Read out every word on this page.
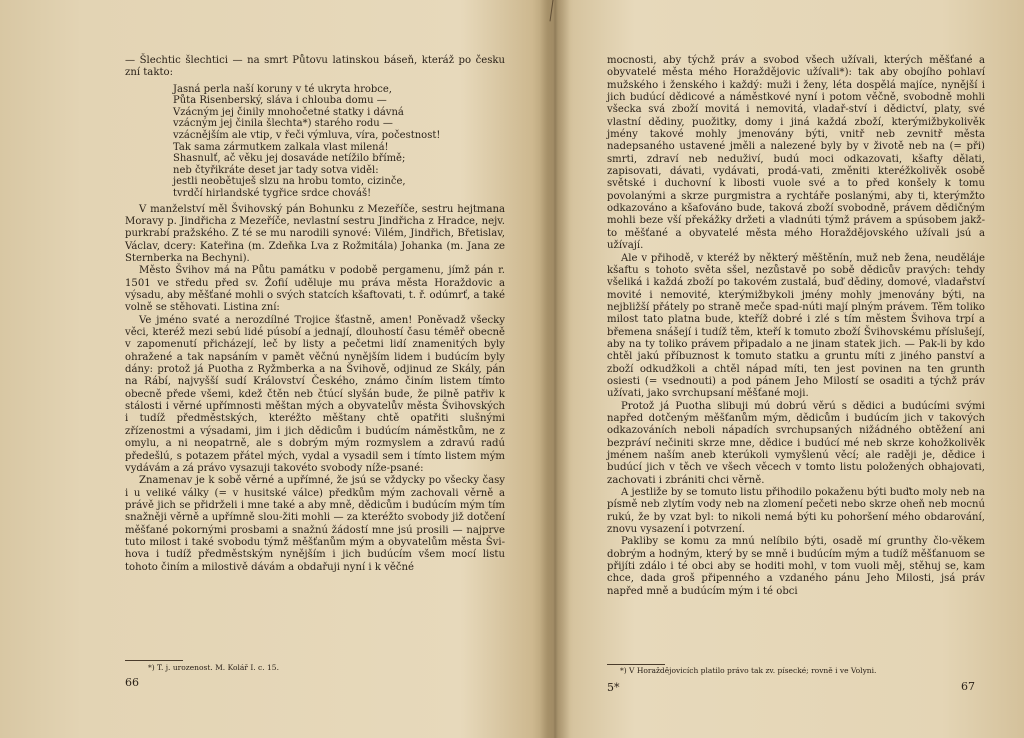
— Šlechtic šlechtici — na smrt Půtovu latinskou báseň, kteráž po česku zní takto:

Jasná perla naší koruny v té ukryta hrobce,
Půta Risenberský, sláva i chlouba domu —
Vzácným jej činily mnohočetné statky i dávná
vzácným jej činila šlechta*) starého rodu —
vzácnějším ale vtip, v řeči výmluva, víra, počestnost!
Tak sama zármutkem zalkala vlast milená!
Shasnulť, ač věku jej dosaváde netížilo břímě;
neb čtyřikráte deset jar tady sotva viděl:
jestli neobětuješ slzu na hrobu tomto, cizinče,
tvrdčí hirlandské tygřice srdce chováš!

V manželství měl Švihovský pán Bohunku z Mezeříče, sestru hejtmana Moravy p. Jindřicha z Mezeříče, nevlastní sestru Jindřicha z Hradce, nejv. purkrabí pražského. Z té se mu narodili synové: Vilém, Jindřich, Břetislav, Václav, dcery: Kateřina (m. Zdeňka Lva z Rožmitála) Johanka (m. Jana ze Sternberka na Bechyni).

Město Švihov má na Půtu památku v podobě pergamenu, jímž pán r. 1501 ve středu před sv. Žofií uděluje mu práva města Horaždovic a výsadu, aby měšťané mohli o svých statcích kšaftovati, t. ř. odúmrť, a také volně se stěhovati. Listina zní:

Ve jméno svaté a nerozdílné Trojice šťastně, amen! Poněvadž všecky věci, kteréž mezi sebú lidé púsobí a jednají, dlouhostí času téměř obecně v zapomenutí přicházejí, leč by listy a pečetmi lidí znamenitých byly ohražené a tak napsáním v pamět věčnú nynějším lidem i budúcím byly dány: protož já Puotha z Ryžmberka a na Švihově, odjinud ze Skály, pán na Rábí, najvyšší sudí Království Českého, známo činím listem tímto obecně přede všemi, kdež čtěn neb čtúcí slyšán bude, že pilně patřiv k stálosti i věrné upřímnosti měštan mých a obyvatelův města Švihovských i tudíž předměstských, kteréžto měštany chtě opatřiti slušnými zřízenostmi a výsadami, jim i jich dědicům i budúcím náměstkům, ne z omylu, a ni neopatrně, ale s dobrým mým rozmyslem a zdravú radú předešlú, s potazem přátel mých, vydal a vysadil sem i tímto listem mým vydávám a zá právo vysazuji takovéto svobody níže-psané:

Znamenav je k sobě věrné a upřímné, že jsú se vždycky po všecky časy i u veliké války (= v husitské válce) předkům mým zachovali věrně a právě jich se přidrželi i mne také a aby mně, dědicům i budúcím mým tím snažněji věrně a upřímně slou-žiti mohli — za kteréžto svobody již dotčení měšťané pokornými prosbami a snažnú žádostí mne jsú prosili — najprve tuto milost i také svobodu týmž měšťanům mým a obyvatelům města Švi-hova i tudíž předměstským nynějším i jich budúcím všem mocí listu tohoto činím a milostivě dávám a obdařuji nyní i k věčné

*) T. j. urozenost. M. Kolář I. c. 15.
66

mocnosti, aby týchž práv a svobod všech užívali, kterých měšťané a obyvatelé města mého Horaždějovic užívali*): tak aby obojího pohlaví mužského i ženského i každý: muži i ženy, léta dospělá majíce, nynější i jich budúcí dědicové a náměstkové nyní i potom věčně, svobodně mohli všecka svá zboží movitá i nemovitá, vladař-ství i dědictví, platy, své vlastní dědiny, puožitky, domy i jiná každá zboží, kterýmižbykolivěk jmény takové mohly jmenovány býti, vnitř neb zevnitř města nadepsaného ustavené jměli a nalezené byly by v životě neb na (= při) smrti, zdraví neb neduživí, budú moci odkazovati, kšafty dělati, zapisovati, dávati, vydávati, prodá-vati, změniti kteréžkolivěk osobě světské i duchovní k libosti vuole své a to před konšely k tomu povolanými a skrze purgmistra a rychtáře poslanými, aby ti, kterýmžto odkazováno a kšafováno bude, taková zboží svobodně, právem dědičným mohli beze vší překážky držeti a vladnúti týmž právem a spúsobem jakž-to měšťané a obyvatelé města mého Horaždějovského užívali jsú a užívají.

Ale v přihodě, v kteréž by některý měštěnín, muž neb žena, neuděláje kšaftu s tohoto světa sšel, nezůstavě po sobě dědicův pravých: tehdy všeliká i každá zboží po takovém zustalá, buď dědiny, domové, vladařství movité i nemovité, kterýmižbykoli jmény mohly jmenovány býti, na nejbližší přátely po straně meče spad-núti mají plným právem. Těm toliko milost tato platna bude, kteříž dobré i zlé s tím městem Švihova trpí a břemena snášejí i tudíž těm, kteří k tomuto zboží Švihovskému příslušejí, aby na ty toliko právem připadalo a ne jinam statek jich. — Pak-li by kdo chtěl jakú příbuznost k tomuto statku a gruntu míti z jiného panství a zboží odkudžkoli a chtěl nápad míti, ten jest povinen na ten grunth osiesti (= vsednouti) a pod pánem Jeho Milostí se osaditi a týchž práv užívati, jako svrchupsaní měšťané moji.

Protož já Puotha slibuji mú dobrú věrú s dědici a budúcími svými napřed dotčeným měšťanům mým, dědicům i budúcím jich v takových odkazováních neboli nápadích svrchupsaných nižádného obtěžení ani bezpráví nečiniti skrze mne, dědice i budúcí mé neb skrze kohožkolivěk jménem naším aneb kterúkoli vymyšlenú věcí; ale raději je, dědice i budúcí jich v těch ve všech věcech v tomto listu položených obhajovati, zachovati i zbrániti chci věrně.

A jestliže by se tomuto listu přihodilo pokaženu býti buďto moly neb na písmě neb zlytím vody neb na zlomení pečeti nebo skrze oheň neb mocnú rukú, že by vzat byl: to nikoli nemá býti ku pohoršení mého obdarování, znovu vysazení i potvrzení.

Pakliby se komu za mnú nelíbilo býti, osadě mí grunthy člo-věkem dobrým a hodným, který by se mně i budúcím mým a tudíž měšťanuom se přijíti zdálo i té obci aby se hoditi mohl, v tom vuoli měj, stěhuj se, kam chce, dada groš připenného a vzdaného pánu Jeho Milosti, jsá práv napřed mně a budúcím mým i té obci

*) V Horaždějovicích platilo právo tak zv. písecké; rovně i ve Volyni.
5*	67
